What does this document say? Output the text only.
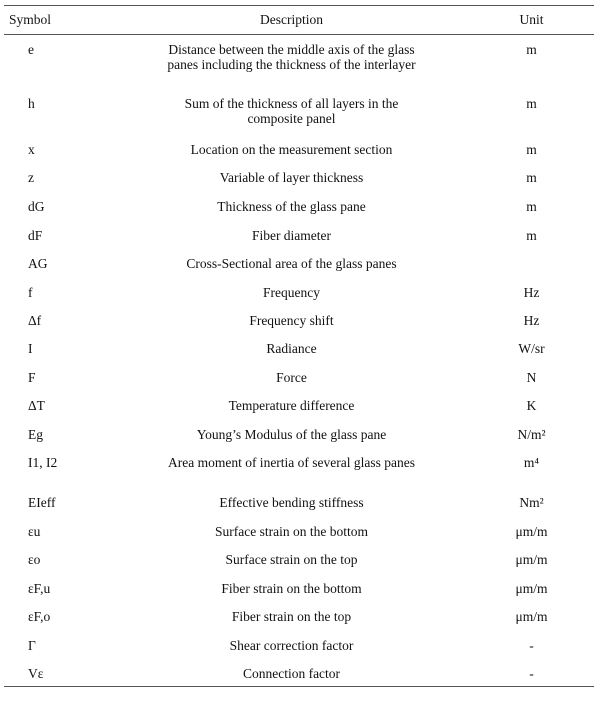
Symbol	Description	Unit
e	Distance between the middle axis of the glass panes including the thickness of the interlayer	m
h	Sum of the thickness of all layers in the composite panel	m
x	Location on the measurement section	m
z	Variable of layer thickness	m
dG	Thickness of the glass pane	m
dF	Fiber diameter	m
AG	Cross-Sectional area of the glass panes	
f	Frequency	Hz
Δf	Frequency shift	Hz
I	Radiance	W/sr
F	Force	N
ΔT	Temperature difference	K
Eg	Young’s Modulus of the glass pane	N/m²
I1, I2	Area moment of inertia of several glass panes	m⁴
EIeff	Effective bending stiffness	Nm²
εu	Surface strain on the bottom	μm/m
εo	Surface strain on the top	μm/m
εF,u	Fiber strain on the bottom	μm/m
εF,o	Fiber strain on the top	μm/m
Γ	Shear correction factor	-
Vε	Connection factor	-
